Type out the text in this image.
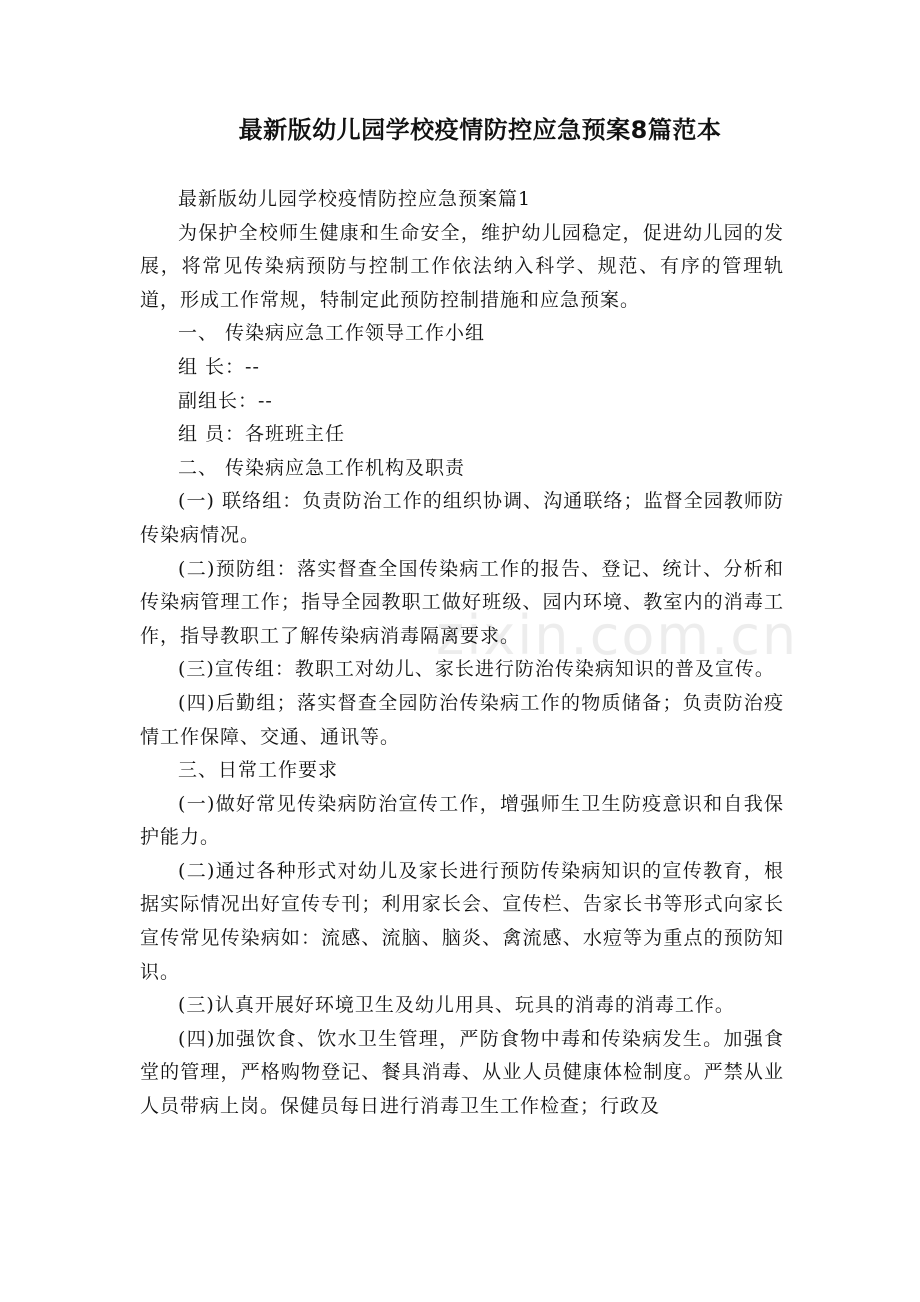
最新版幼儿园学校疫情防控应急预案8篇范本

最新版幼儿园学校疫情防控应急预案篇1

为保护全校师生健康和生命安全，维护幼儿园稳定，促进幼儿园的发展，将常见传染病预防与控制工作依法纳入科学、规范、有序的管理轨道，形成工作常规，特制定此预防控制措施和应急预案。

一、 传染病应急工作领导工作小组

组 长：--

副组长：--

组 员：各班班主任

二、 传染病应急工作机构及职责

(一) 联络组：负责防治工作的组织协调、沟通联络；监督全园教师防传染病情况。

(二)预防组：落实督查全国传染病工作的报告、登记、统计、分析和传染病管理工作；指导全园教职工做好班级、园内环境、教室内的消毒工作，指导教职工了解传染病消毒隔离要求。

(三)宣传组：教职工对幼儿、家长进行防治传染病知识的普及宣传。

(四)后勤组；落实督查全园防治传染病工作的物质储备；负责防治疫情工作保障、交通、通讯等。

三、日常工作要求

(一)做好常见传染病防治宣传工作，增强师生卫生防疫意识和自我保护能力。

(二)通过各种形式对幼儿及家长进行预防传染病知识的宣传教育，根据实际情况出好宣传专刊；利用家长会、宣传栏、告家长书等形式向家长宣传常见传染病如：流感、流脑、脑炎、禽流感、水痘等为重点的预防知识。

(三)认真开展好环境卫生及幼儿用具、玩具的消毒的消毒工作。

(四)加强饮食、饮水卫生管理，严防食物中毒和传染病发生。加强食堂的管理，严格购物登记、餐具消毒、从业人员健康体检制度。严禁从业人员带病上岗。保健员每日进行消毒卫生工作检查；行政及

zixin.com.cn
